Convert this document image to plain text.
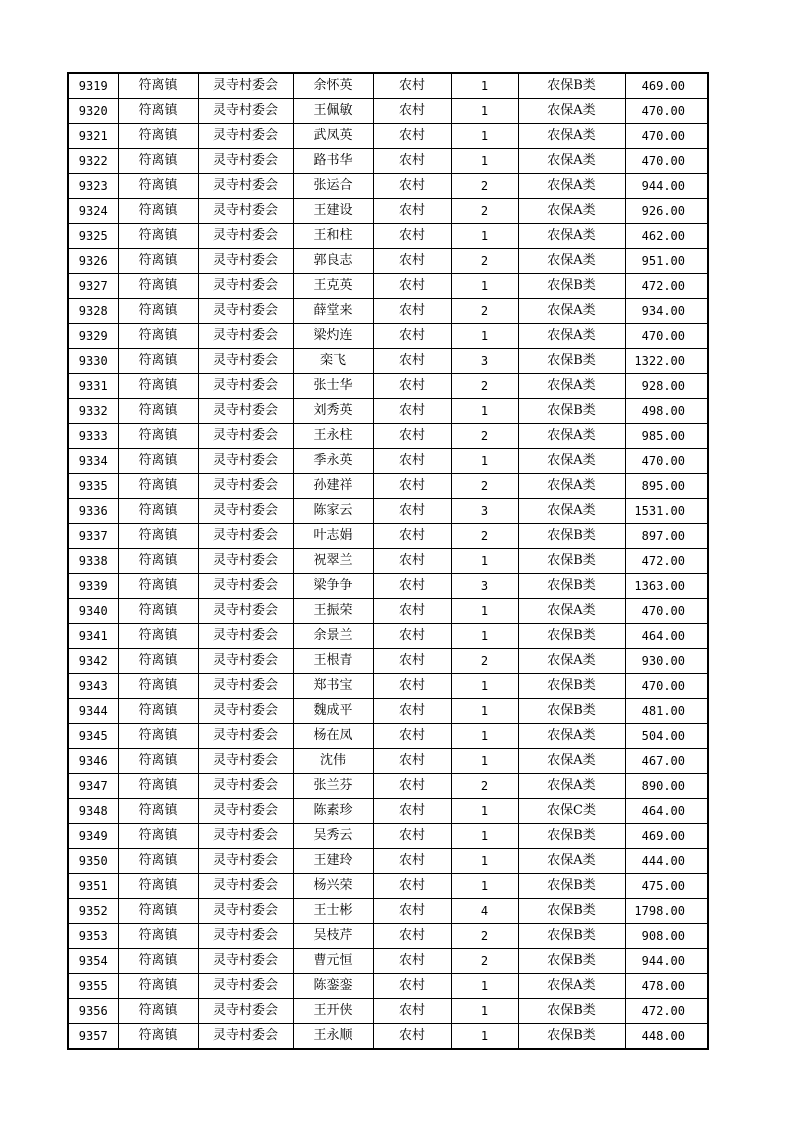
9319	符离镇	灵寺村委会	余怀英	农村	1	农保B类	469.00
9320	符离镇	灵寺村委会	王佩敏	农村	1	农保A类	470.00
9321	符离镇	灵寺村委会	武凤英	农村	1	农保A类	470.00
9322	符离镇	灵寺村委会	路书华	农村	1	农保A类	470.00
9323	符离镇	灵寺村委会	张运合	农村	2	农保A类	944.00
9324	符离镇	灵寺村委会	王建设	农村	2	农保A类	926.00
9325	符离镇	灵寺村委会	王和柱	农村	1	农保A类	462.00
9326	符离镇	灵寺村委会	郭良志	农村	2	农保A类	951.00
9327	符离镇	灵寺村委会	王克英	农村	1	农保B类	472.00
9328	符离镇	灵寺村委会	薛堂来	农村	2	农保A类	934.00
9329	符离镇	灵寺村委会	梁灼连	农村	1	农保A类	470.00
9330	符离镇	灵寺村委会	栾飞	农村	3	农保B类	1322.00
9331	符离镇	灵寺村委会	张士华	农村	2	农保A类	928.00
9332	符离镇	灵寺村委会	刘秀英	农村	1	农保B类	498.00
9333	符离镇	灵寺村委会	王永柱	农村	2	农保A类	985.00
9334	符离镇	灵寺村委会	季永英	农村	1	农保A类	470.00
9335	符离镇	灵寺村委会	孙建祥	农村	2	农保A类	895.00
9336	符离镇	灵寺村委会	陈家云	农村	3	农保A类	1531.00
9337	符离镇	灵寺村委会	叶志娟	农村	2	农保B类	897.00
9338	符离镇	灵寺村委会	祝翠兰	农村	1	农保B类	472.00
9339	符离镇	灵寺村委会	梁争争	农村	3	农保B类	1363.00
9340	符离镇	灵寺村委会	王振荣	农村	1	农保A类	470.00
9341	符离镇	灵寺村委会	余景兰	农村	1	农保B类	464.00
9342	符离镇	灵寺村委会	王根青	农村	2	农保A类	930.00
9343	符离镇	灵寺村委会	郑书宝	农村	1	农保B类	470.00
9344	符离镇	灵寺村委会	魏成平	农村	1	农保B类	481.00
9345	符离镇	灵寺村委会	杨在凤	农村	1	农保A类	504.00
9346	符离镇	灵寺村委会	沈伟	农村	1	农保A类	467.00
9347	符离镇	灵寺村委会	张兰芬	农村	2	农保A类	890.00
9348	符离镇	灵寺村委会	陈素珍	农村	1	农保C类	464.00
9349	符离镇	灵寺村委会	吴秀云	农村	1	农保B类	469.00
9350	符离镇	灵寺村委会	王建玲	农村	1	农保A类	444.00
9351	符离镇	灵寺村委会	杨兴荣	农村	1	农保B类	475.00
9352	符离镇	灵寺村委会	王士彬	农村	4	农保B类	1798.00
9353	符离镇	灵寺村委会	吴枝芹	农村	2	农保B类	908.00
9354	符离镇	灵寺村委会	曹元恒	农村	2	农保B类	944.00
9355	符离镇	灵寺村委会	陈銮銮	农村	1	农保A类	478.00
9356	符离镇	灵寺村委会	王开侠	农村	1	农保B类	472.00
9357	符离镇	灵寺村委会	王永顺	农村	1	农保B类	448.00
